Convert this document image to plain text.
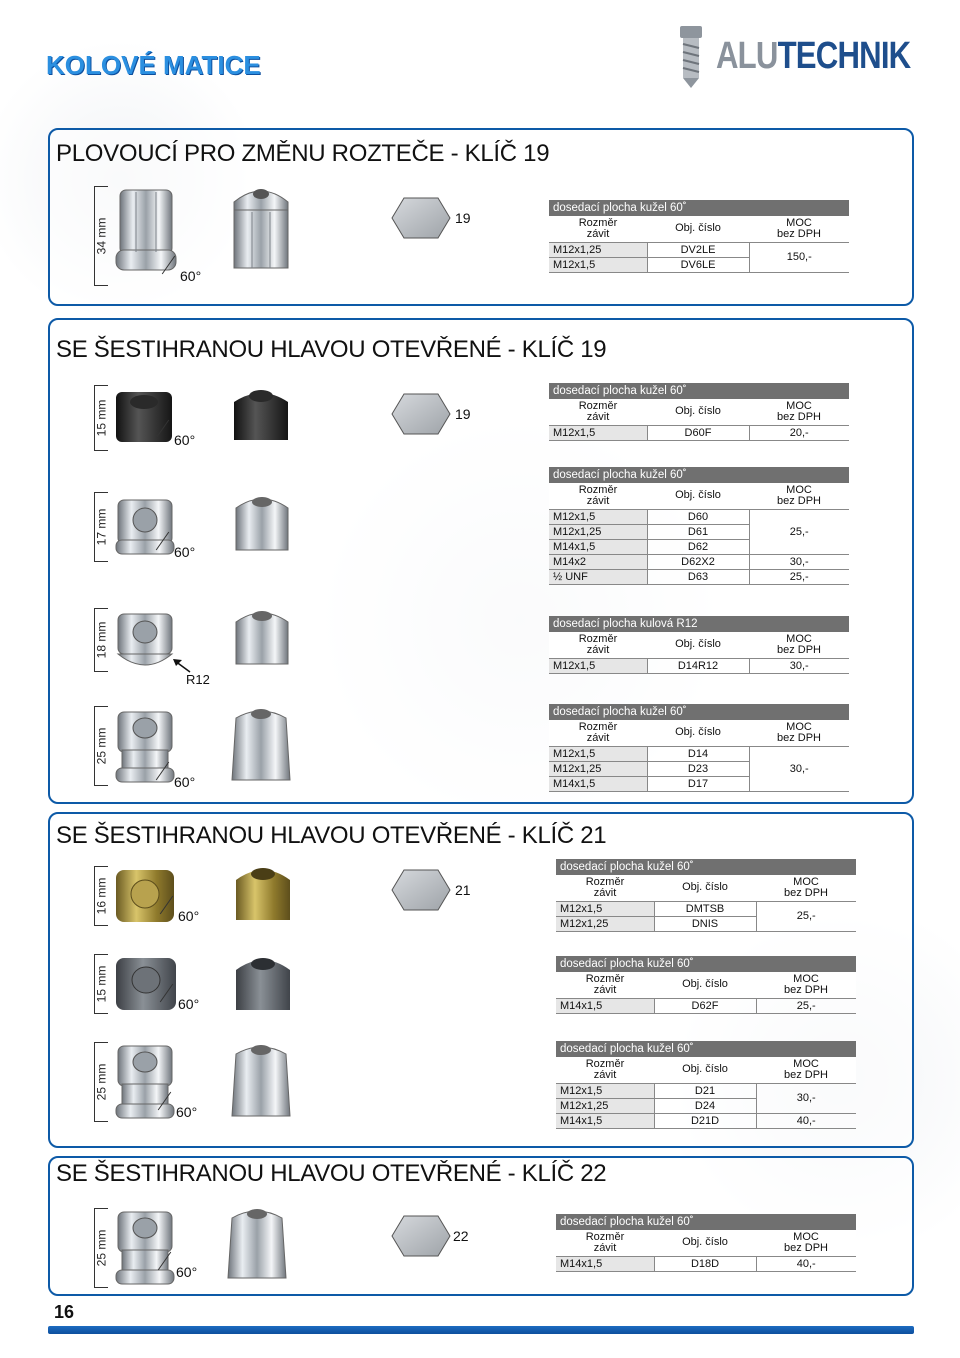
KOLOVÉ MATICE	ALUTECHNIK
PLOVOUCÍ PRO ZMĚNU ROZTEČE - KLÍČ 19
34 mm
60°
19
dosedací plocha kužel 60˚		
Rozměr
závit	Obj. číslo	MOC
bez DPH
M12x1,25	DV2LE	150,-
M12x1,5	DV6LE	
SE ŠESTIHRANOU HLAVOU OTEVŘENÉ - KLÍČ 19
15 mm
60°
19
dosedací plocha kužel 60˚		
Rozměr
závit	Obj. číslo	MOC
bez DPH
M12x1,5	D60F	20,-
17 mm
60°
dosedací plocha kužel 60˚		
Rozměr
závit	Obj. číslo	MOC
bez DPH
M12x1,5	D60	25,-
M12x1,25	D61	
M14x1,5	D62	
M14x2	D62X2	30,-
½ UNF	D63	25,-
18 mm
R12
dosedací plocha kulová R12		
Rozměr
závit	Obj. číslo	MOC
bez DPH
M12x1,5	D14R12	30,-
25 mm
60°
dosedací plocha kužel 60˚		
Rozměr
závit	Obj. číslo	MOC
bez DPH
M12x1,5	D14	30,-
M12x1,25	D23	
M14x1,5	D17	
SE ŠESTIHRANOU HLAVOU OTEVŘENÉ - KLÍČ 21
16 mm
60°
21
dosedací plocha kužel 60˚		
Rozměr
závit	Obj. číslo	MOC
bez DPH
M12x1,5	DMTSB	25,-
M12x1,25	DNIS	
15 mm
60°
dosedací plocha kužel 60˚		
Rozměr
závit	Obj. číslo	MOC
bez DPH
M14x1,5	D62F	25,-
25 mm
60°
dosedací plocha kužel 60˚		
Rozměr
závit	Obj. číslo	MOC
bez DPH
M12x1,5	D21	30,-
M12x1,25	D24	
M14x1,5	D21D	40,-
SE ŠESTIHRANOU HLAVOU OTEVŘENÉ - KLÍČ 22
25 mm
60°
22
dosedací plocha kužel 60˚		
Rozměr
závit	Obj. číslo	MOC
bez DPH
M14x1,5	D18D	40,-
16
